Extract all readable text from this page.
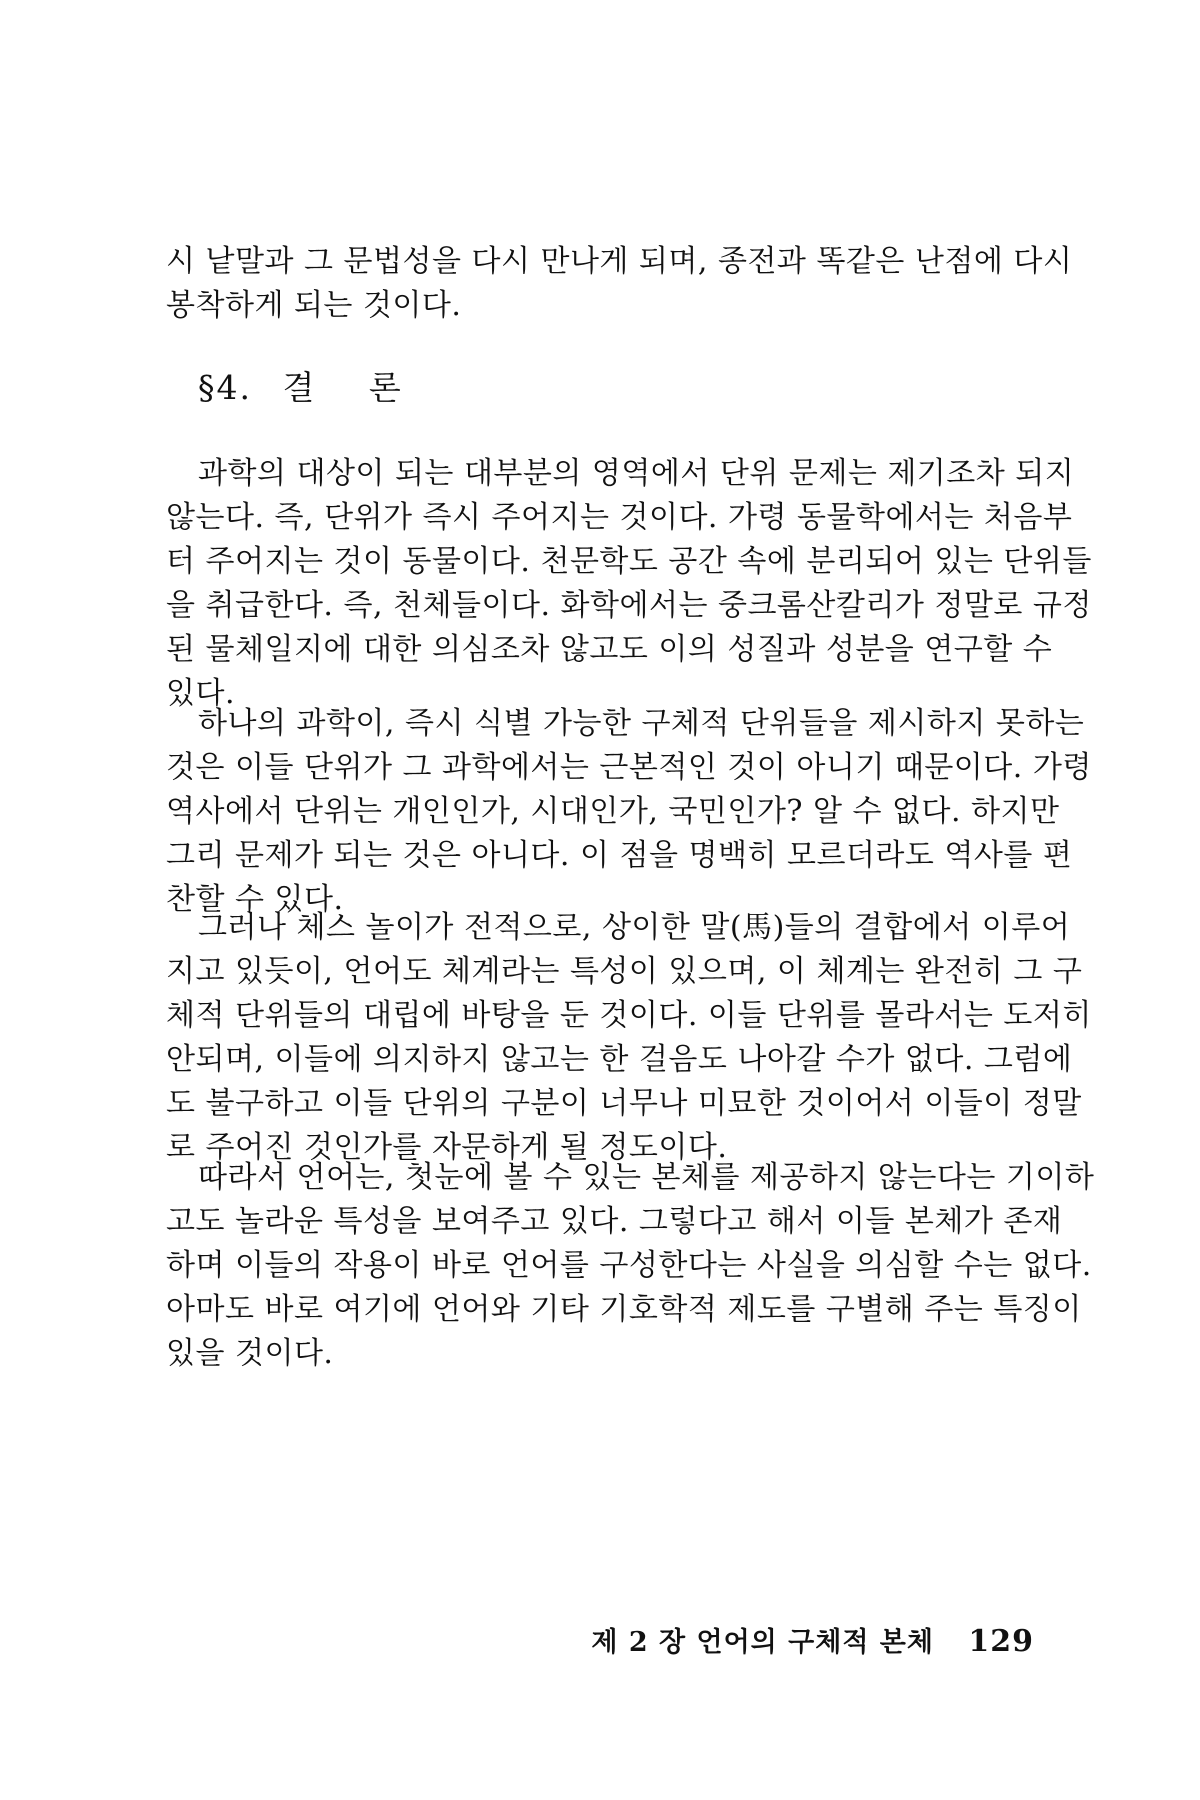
시 낱말과 그 문법성을 다시 만나게 되며, 종전과 똑같은 난점에 다시
봉착하게 되는 것이다.
§4. 결 론
과학의 대상이 되는 대부분의 영역에서 단위 문제는 제기조차 되지
않는다. 즉, 단위가 즉시 주어지는 것이다. 가령 동물학에서는 처음부
터 주어지는 것이 동물이다. 천문학도 공간 속에 분리되어 있는 단위들
을 취급한다. 즉, 천체들이다. 화학에서는 중크롬산칼리가 정말로 규정
된 물체일지에 대한 의심조차 않고도 이의 성질과 성분을 연구할 수
있다.
하나의 과학이, 즉시 식별 가능한 구체적 단위들을 제시하지 못하는
것은 이들 단위가 그 과학에서는 근본적인 것이 아니기 때문이다. 가령
역사에서 단위는 개인인가, 시대인가, 국민인가? 알 수 없다. 하지만
그리 문제가 되는 것은 아니다. 이 점을 명백히 모르더라도 역사를 편
찬할 수 있다.
그러나 체스 놀이가 전적으로, 상이한 말(馬)들의 결합에서 이루어
지고 있듯이, 언어도 체계라는 특성이 있으며, 이 체계는 완전히 그 구
체적 단위들의 대립에 바탕을 둔 것이다. 이들 단위를 몰라서는 도저히
안되며, 이들에 의지하지 않고는 한 걸음도 나아갈 수가 없다. 그럼에
도 불구하고 이들 단위의 구분이 너무나 미묘한 것이어서 이들이 정말
로 주어진 것인가를 자문하게 될 정도이다.
따라서 언어는, 첫눈에 볼 수 있는 본체를 제공하지 않는다는 기이하
고도 놀라운 특성을 보여주고 있다. 그렇다고 해서 이들 본체가 존재
하며 이들의 작용이 바로 언어를 구성한다는 사실을 의심할 수는 없다.
아마도 바로 여기에 언어와 기타 기호학적 제도를 구별해 주는 특징이
있을 것이다.
제 2 장 언어의 구체적 본체 129
